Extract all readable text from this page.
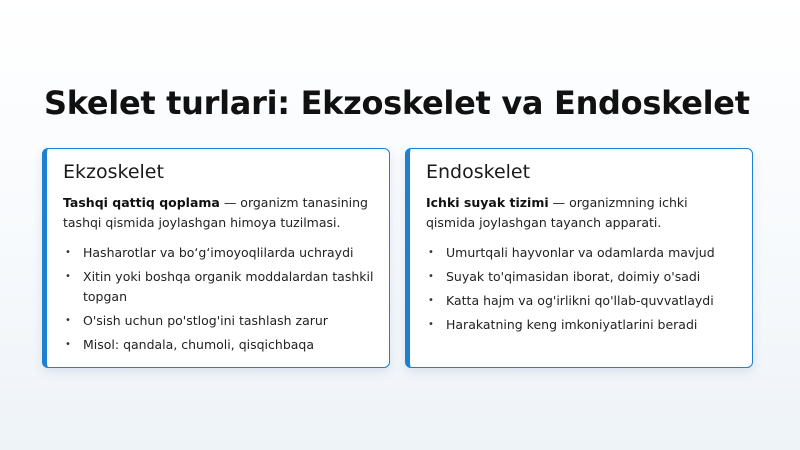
Skelet turlari: Ekzoskelet va Endoskelet
Ekzoskelet

Tashqi qattiq qoplama — organizm tanasining tashqi qismida joylashgan himoya tuzilmasi.

• Hasharotlar va bo‘g‘imoyoqlilarda uchraydi
• Xitin yoki boshqa organik moddalardan tashkil topgan
• O'sish uchun po'stlog'ini tashlash zarur
• Misol: qandala, chumoli, qisqichbaqa
Endoskelet

Ichki suyak tizimi — organizmning ichki qismida joylashgan tayanch apparati.

• Umurtqali hayvonlar va odamlarda mavjud
• Suyak to'qimasidan iborat, doimiy o'sadi
• Katta hajm va og'irlikni qo'llab-quvvatlaydi
• Harakatning keng imkoniyatlarini beradi
